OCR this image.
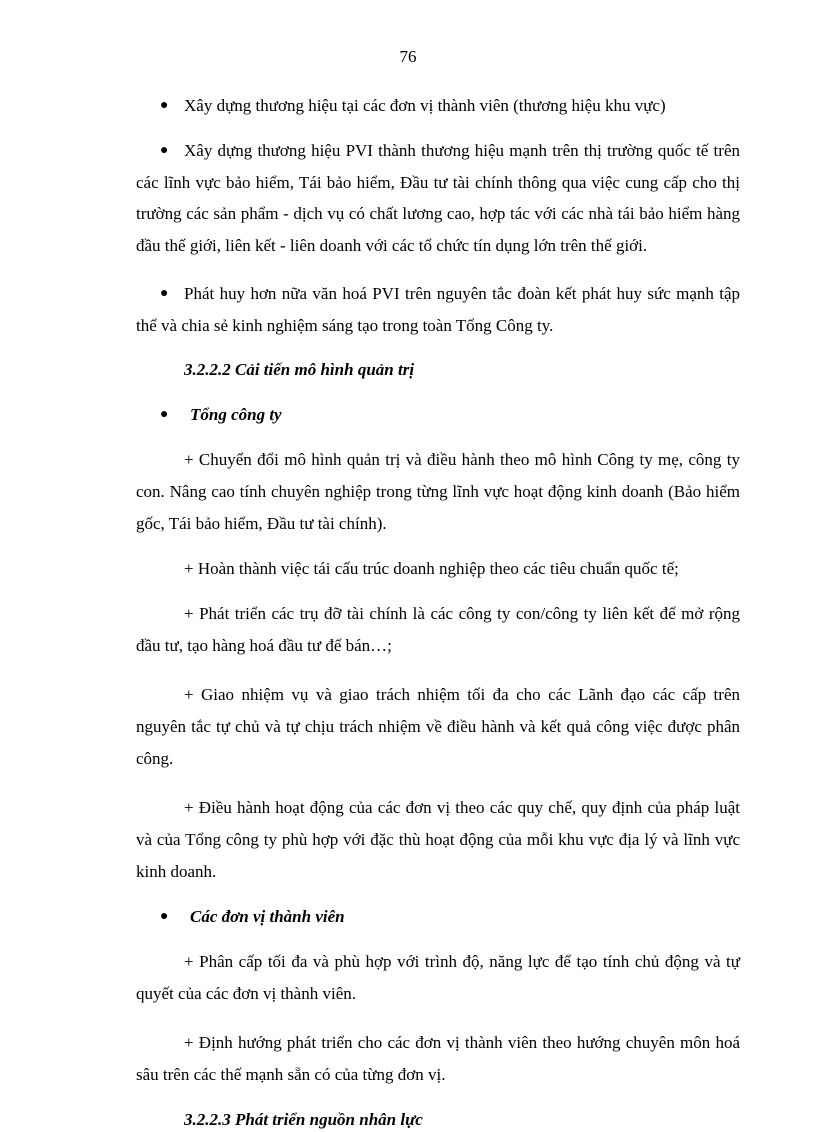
76

● Xây dựng thương hiệu tại các đơn vị thành viên (thương hiệu khu vực)

● Xây dựng thương hiệu PVI thành thương hiệu mạnh trên thị trường quốc tế trên các lĩnh vực bảo hiểm, Tái bảo hiểm, Đầu tư tài chính thông qua việc cung cấp cho thị trường các sản phẩm - dịch vụ có chất lương cao, hợp tác với các nhà tái bảo hiểm hàng đầu thế giới, liên kết - liên doanh với các tổ chức tín dụng lớn trên thế giới.

● Phát huy hơn nữa văn hoá PVI trên nguyên tắc đoàn kết phát huy sức mạnh tập thể và chia sẻ kinh nghiệm sáng tạo trong toàn Tổng Công ty.

3.2.2.2 Cải tiến mô hình quản trị

● Tổng công ty

+ Chuyển đổi mô hình quản trị và điều hành theo mô hình Công ty mẹ, công ty con. Nâng cao tính chuyên nghiệp trong từng lĩnh vực hoạt động kinh doanh (Bảo hiểm gốc, Tái bảo hiểm, Đầu tư tài chính).

+ Hoàn thành việc tái cấu trúc doanh nghiệp theo các tiêu chuẩn quốc tế;

+ Phát triển các trụ đỡ tài chính là các công ty con/công ty liên kết để mở rộng đầu tư, tạo hàng hoá đầu tư để bán…;

+ Giao nhiệm vụ và giao trách nhiệm tối đa cho các Lãnh đạo các cấp trên nguyên tắc tự chủ và tự chịu trách nhiệm về điều hành và kết quả công việc được phân công.

+ Điều hành hoạt động của các đơn vị theo các quy chế, quy định của pháp luật và của Tổng công ty phù hợp với đặc thù hoạt động của mỗi khu vực địa lý và lĩnh vực kinh doanh.

● Các đơn vị thành viên

+ Phân cấp tối đa và phù hợp với trình độ, năng lực để tạo tính chủ động và tự quyết của các đơn vị thành viên.

+ Định hướng phát triển cho các đơn vị thành viên theo hướng chuyên môn hoá sâu trên các thế mạnh sẵn có của từng đơn vị.

3.2.2.3 Phát triển nguồn nhân lực
